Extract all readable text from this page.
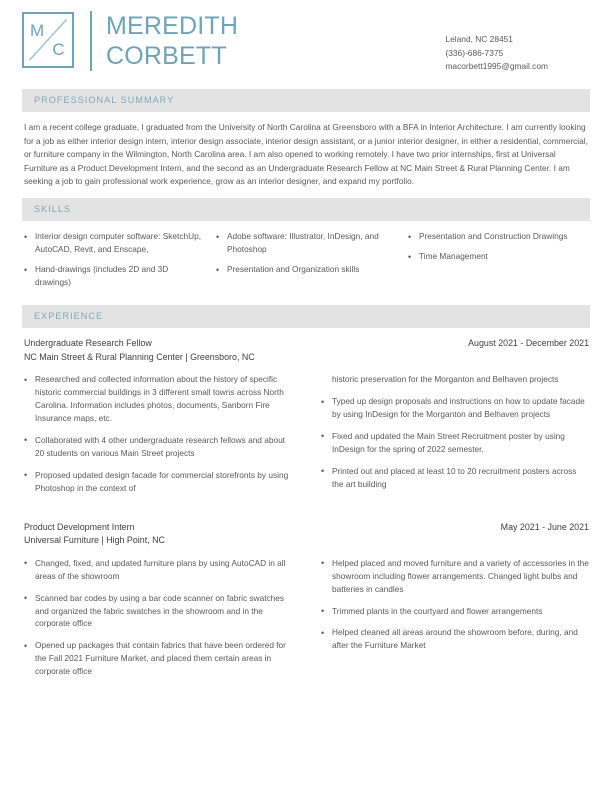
M
C
MEREDITH
CORBETT
Leland, NC 28451
(336)-686-7375
macorbett1995@gmail.com
PROFESSIONAL SUMMARY
I am a recent college graduate, I graduated from the University of North Carolina at Greensboro with a BFA in Interior Architecture. I am currently looking for a job as either interior design intern, interior design associate, interior design assistant, or a junior interior designer, in either a residential, commercial, or furniture company in the Wilmington, North Carolina area. I am also opened to working remotely. I have two prior internships, first at Universal Furniture as a Product Development Intern, and the second as an Undergraduate Research Fellow at NC Main Street & Rural Planning Center. I am seeking a job to gain professional work experience, grow as an interior designer, and expand my portfolio.
SKILLS
• Interior design computer software: SketchUp, AutoCAD, Revit, and Enscape,
• Hand-drawings (includes 2D and 3D drawings)
• Adobe software: Illustrator, InDesign, and Photoshop
• Presentation and Organization skills
• Presentation and Construction Drawings
• Time Management
EXPERIENCE
Undergraduate Research Fellow
NC Main Street & Rural Planning Center | Greensboro, NC
August 2021 - December 2021
• Researched and collected information about the history of specific historic commercial buildings in 3 different small towns across North Carolina. Information includes photos, documents, Sanborn Fire Insurance maps, etc.
• Collaborated with 4 other undergraduate research fellows and about 20 students on various Main Street projects
• Proposed updated design facade for commercial storefronts by using Photoshop in the context of
historic preservation for the Morganton and Belhaven projects
• Typed up design proposals and instructions on how to update facade by using InDesign for the Morganton and Belhaven projects
• Fixed and updated the Main Street Recruitment poster by using InDesign for the spring of 2022 semester.
• Printed out and placed at least 10 to 20 recruitment posters across the art building
Product Development Intern
Universal Furniture | High Point, NC
May 2021 - June 2021
• Changed, fixed, and updated furniture plans by using AutoCAD in all areas of the showroom
• Scanned bar codes by using a bar code scanner on fabric swatches and organized the fabric swatches in the showroom and in the corporate office
• Opened up packages that contain fabrics that have been ordered for the Fall 2021 Furniture Market, and placed them certain areas in corporate office
• Helped placed and moved furniture and a variety of accessories in the showroom including flower arrangements. Changed light bulbs and batteries in candles
• Trimmed plants in the courtyard and flower arrangements
• Helped cleaned all areas around the showroom before, during, and after the Furniture Market
